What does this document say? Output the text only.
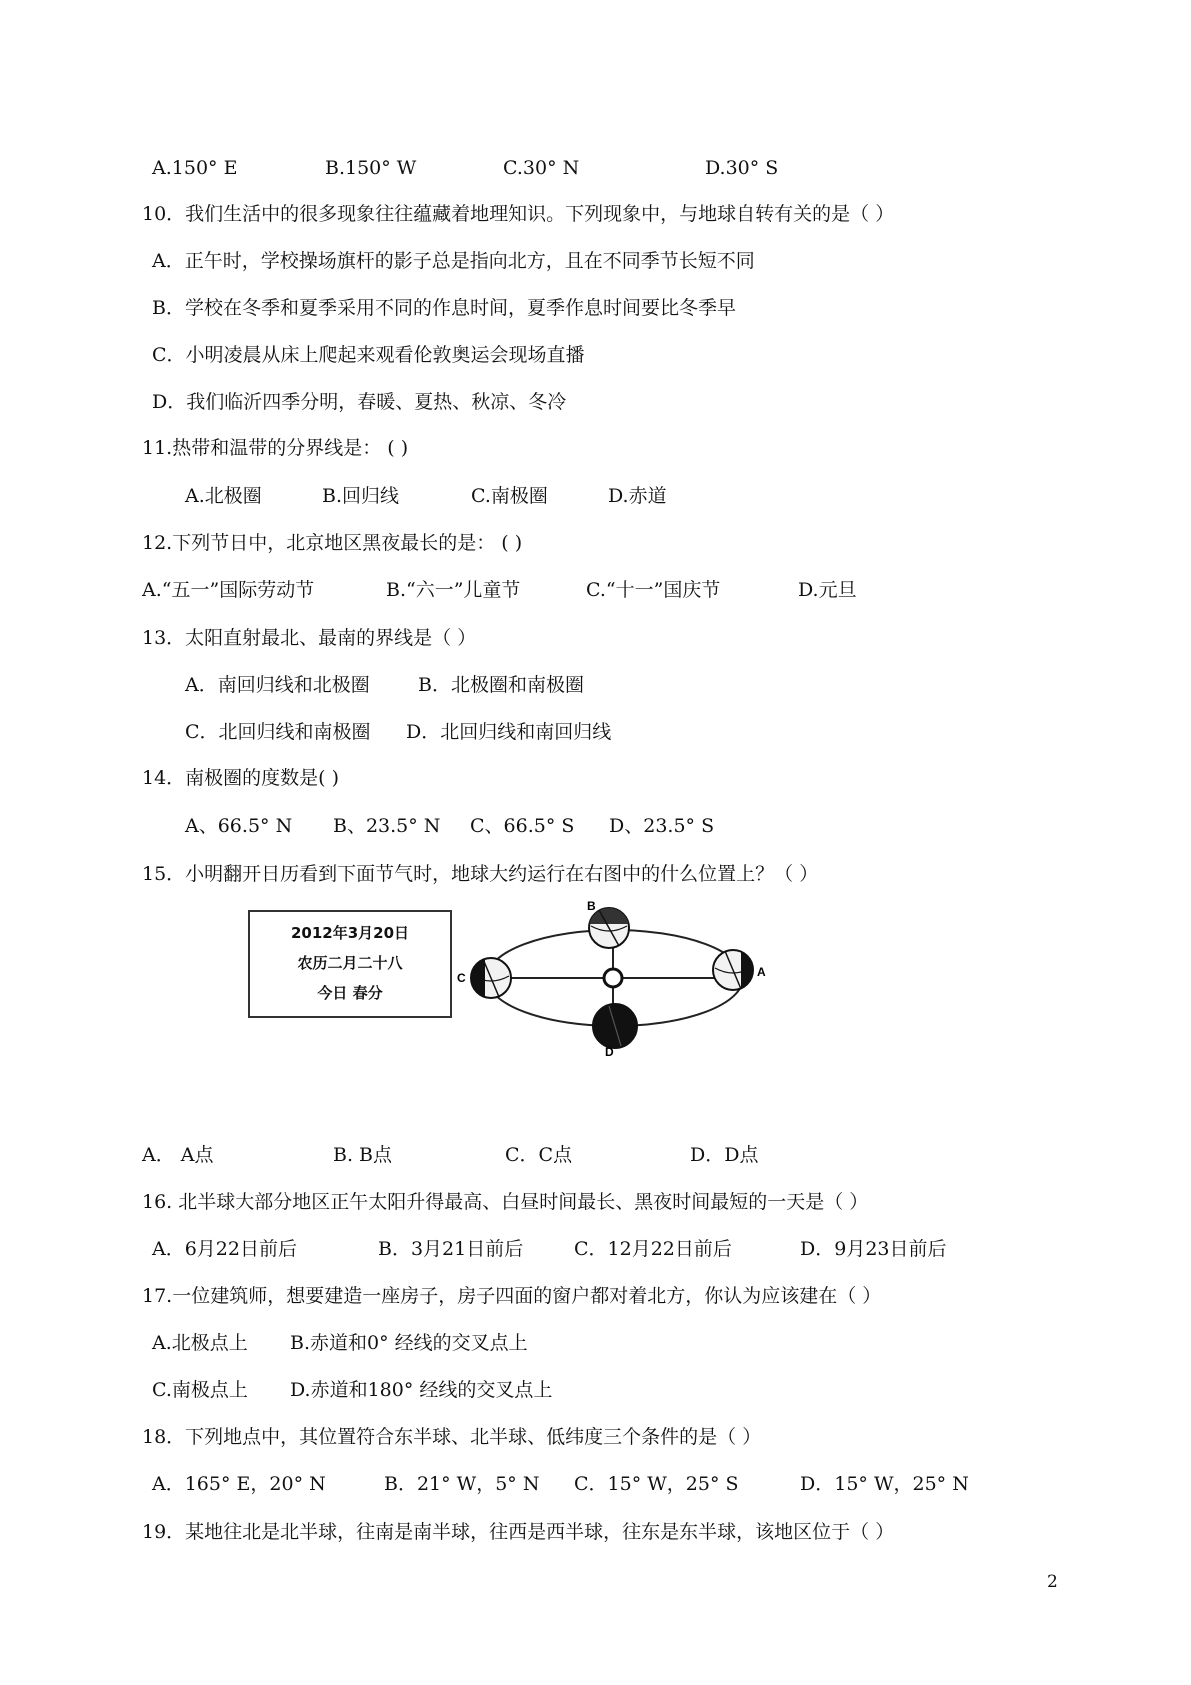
A.150° E	B.150° W	C.30° N	D.30° S
10．我们生活中的很多现象往往蕴藏着地理知识。下列现象中，与地球自转有关的是（ ）
A．正午时，学校操场旗杆的影子总是指向北方，且在不同季节长短不同
B．学校在冬季和夏季采用不同的作息时间，夏季作息时间要比冬季早
C．小明凌晨从床上爬起来观看伦敦奥运会现场直播
D．我们临沂四季分明，春暖、夏热、秋凉、冬冷
11.热带和温带的分界线是： ( )
A.北极圈	B.回归线	C.南极圈	D.赤道
12.下列节日中，北京地区黑夜最长的是： ( )
A.“五一”国际劳动节	B.“六一”儿童节	C.“十一”国庆节	D.元旦
13．太阳直射最北、最南的界线是（ ）
A．南回归线和北极圈	B．北极圈和南极圈
C．北回归线和南极圈 D．北回归线和南回归线
14．南极圈的度数是( )
A、66.5° N B、23.5° N C、66.5° S D、23.5° S
15．小明翻开日历看到下面节气时，地球大约运行在右图中的什么位置上？（ ）
2012年3月20日
农历二月二十八
今日 春分
B
C	A
D
A． A点	B. B点	C．C点	D．D点
16. 北半球大部分地区正午太阳升得最高、白昼时间最长、黑夜时间最短的一天是（ ）
A．6月22日前后	B．3月21日前后	C．12月22日前后	D．9月23日前后
17.一位建筑师，想要建造一座房子，房子四面的窗户都对着北方，你认为应该建在（ ）
A.北极点上 B.赤道和0° 经线的交叉点上
C.南极点上 D.赤道和180° 经线的交叉点上
18．下列地点中，其位置符合东半球、北半球、低纬度三个条件的是（ ）
A．165° E，20° N	B．21° W，5° N C．15° W，25° S	D．15° W，25° N
19．某地往北是北半球，往南是南半球，往西是西半球，往东是东半球，该地区位于（ ）
2
